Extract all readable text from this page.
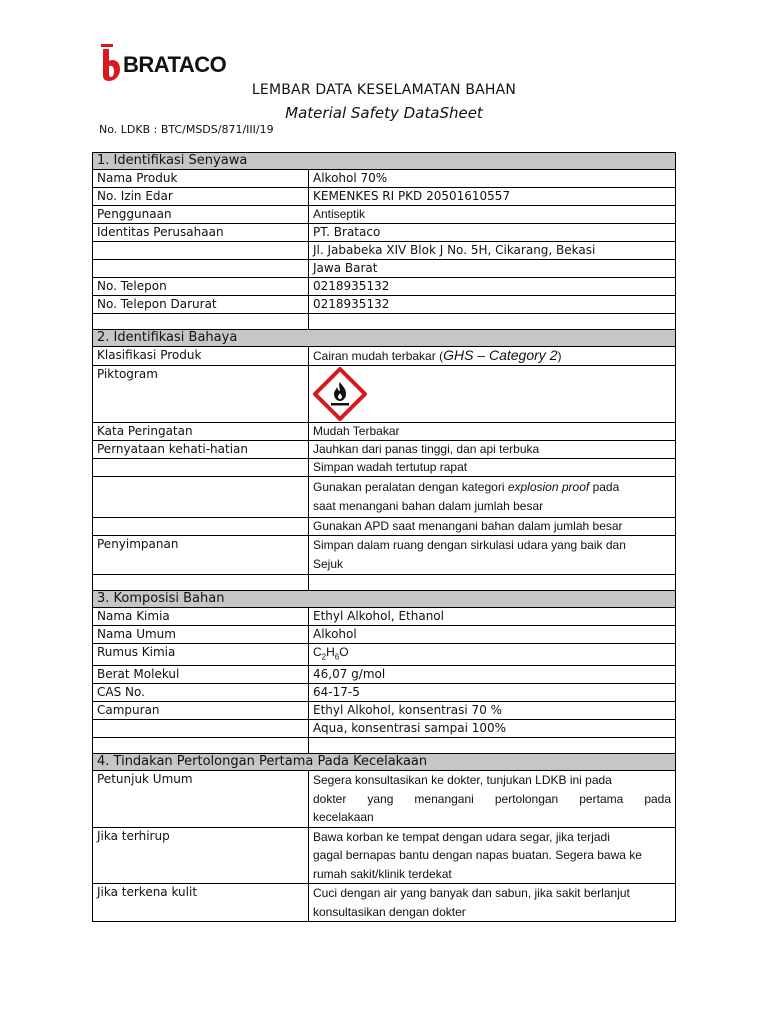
BRATACO
LEMBAR DATA KESELAMATAN BAHAN
Material Safety DataSheet
No. LDKB : BTC/MSDS/871/III/19
1. Identifikasi Senyawa	
Nama Produk	Alkohol 70%
No. Izin Edar	KEMENKES RI PKD 20501610557
Penggunaan	Antiseptik
Identitas Perusahaan	PT. Brataco
	Jl. Jababeka XIV Blok J No. 5H, Cikarang, Bekasi
	Jawa Barat
No. Telepon	0218935132
No. Telepon Darurat	0218935132

2. Identifikasi Bahaya	
Klasifikasi Produk	Cairan mudah terbakar (GHS – Category 2)
Piktogram	

Kata Peringatan	Mudah Terbakar
Pernyataan kehati-hatian	Jauhkan dari panas tinggi, dan api terbuka
	Simpan wadah tertutup rapat

	Gunakan peralatan dengan kategori explosion proof pada
saat menangani bahan dalam jumlah besar

	Gunakan APD saat menangani bahan dalam jumlah besar
Penyimpanan	Simpan dalam ruang dengan sirkulasi udara yang baik dan
Sejuk

3. Komposisi Bahan	
Nama Kimia	Ethyl Alkohol, Ethanol
Nama Umum	Alkohol
Rumus Kimia	$C_2H_6O$
Berat Molekul	46,07 g/mol
CAS No.	64-17-5
Campuran	Ethyl Alkohol, konsentrasi 70 %
	Aqua, konsentrasi sampai 100%

4. Tindakan Pertolongan Pertama Pada Kecelakaan	
Petunjuk Umum	Segera konsultasikan ke dokter, tunjukan LDKB ini pada
dokter yang menangani pertolongan pertama pada
kecelakaan

Jika terhirup	Bawa korban ke tempat dengan udara segar, jika terjadi
gagal bernapas bantu dengan napas buatan. Segera bawa ke
rumah sakit/klinik terdekat

Jika terkena kulit	Cuci dengan air yang banyak dan sabun, jika sakit berlanjut
konsultasikan dengan dokter
